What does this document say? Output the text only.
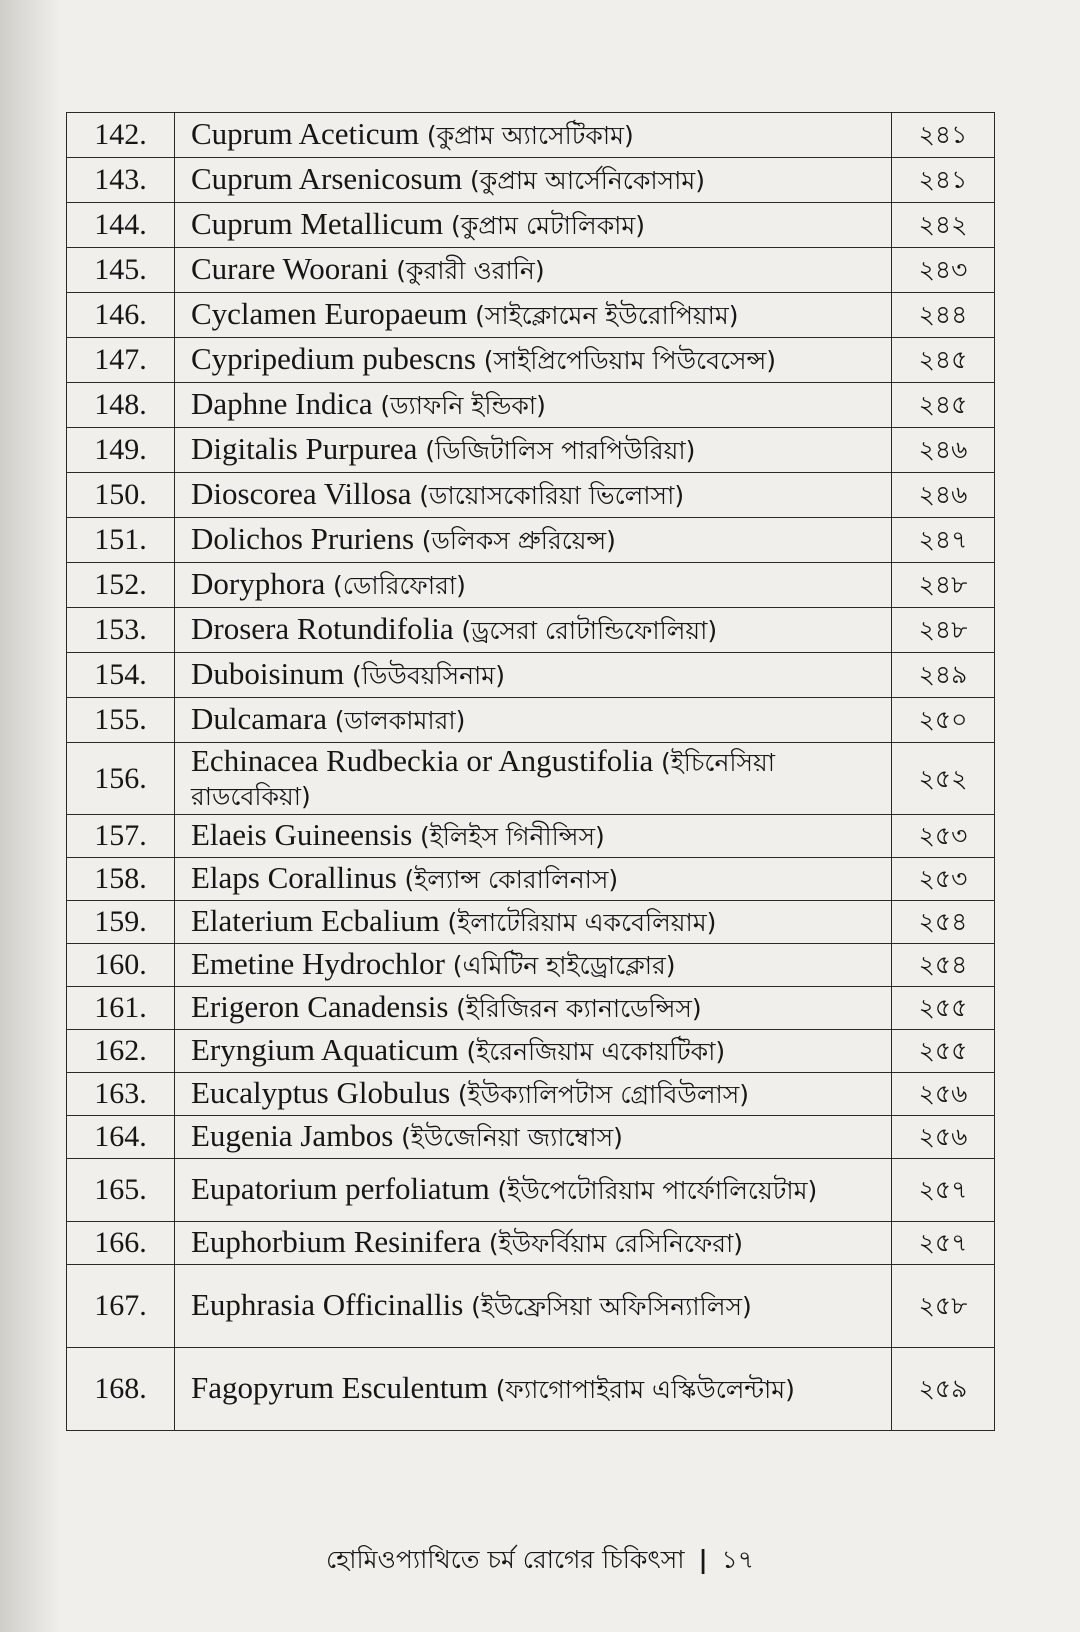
142.	Cuprum Aceticum (কুপ্রাম অ্যাসেটিকাম)	২৪১
143.	Cuprum Arsenicosum (কুপ্রাম আর্সেনিকোসাম)	২৪১
144.	Cuprum Metallicum (কুপ্রাম মেটালিকাম)	২৪২
145.	Curare Woorani (কুরারী ওরানি)	২৪৩
146.	Cyclamen Europaeum (সাইক্লোমেন ইউরোপিয়াম)	২৪৪
147.	Cypripedium pubescns (সাইপ্রিপেডিয়াম পিউবেসেন্স)	২৪৫
148.	Daphne Indica (ড্যাফনি ইন্ডিকা)	২৪৫
149.	Digitalis Purpurea (ডিজিটালিস পারপিউরিয়া)	২৪৬
150.	Dioscorea Villosa (ডায়োসকোরিয়া ভিলোসা)	২৪৬
151.	Dolichos Pruriens (ডলিকস প্রুরিয়েন্স)	২৪৭
152.	Doryphora (ডোরিফোরা)	২৪৮
153.	Drosera Rotundifolia (ড্রসেরা রোটান্ডিফোলিয়া)	২৪৮
154.	Duboisinum (ডিউবয়সিনাম)	২৪৯
155.	Dulcamara (ডালকামারা)	২৫০
156.	Echinacea Rudbeckia or Angustifolia (ইচিনেসিয়া রাডবেকিয়া)	২৫২
157.	Elaeis Guineensis (ইলিইস গিনীন্সিস)	২৫৩
158.	Elaps Corallinus (ইল্যান্স কোরালিনাস)	২৫৩
159.	Elaterium Ecbalium (ইলাটেরিয়াম একবেলিয়াম)	২৫৪
160.	Emetine Hydrochlor (এমিটিন হাইড্রোক্লোর)	২৫৪
161.	Erigeron Canadensis (ইরিজিরন ক্যানাডেন্সিস)	২৫৫
162.	Eryngium Aquaticum (ইরেনজিয়াম একোয়টিকা)	২৫৫
163.	Eucalyptus Globulus (ইউক্যালিপটাস গ্রোবিউলাস)	২৫৬
164.	Eugenia Jambos (ইউজেনিয়া জ্যাম্বোস)	২৫৬
165.	Eupatorium perfoliatum (ইউপেটোরিয়াম পার্ফোলিয়েটাম)	২৫৭
166.	Euphorbium Resinifera (ইউফর্বিয়াম রেসিনিফেরা)	২৫৭
167.	Euphrasia Officinallis (ইউফ্রেসিয়া অফিসিন্যালিস)	২৫৮
168.	Fagopyrum Esculentum (ফ্যাগোপাইরাম এস্কিউলেন্টাম)	২৫৯
হোমিওপ্যাথিতে চর্ম রোগের চিকিৎসা | ১৭
